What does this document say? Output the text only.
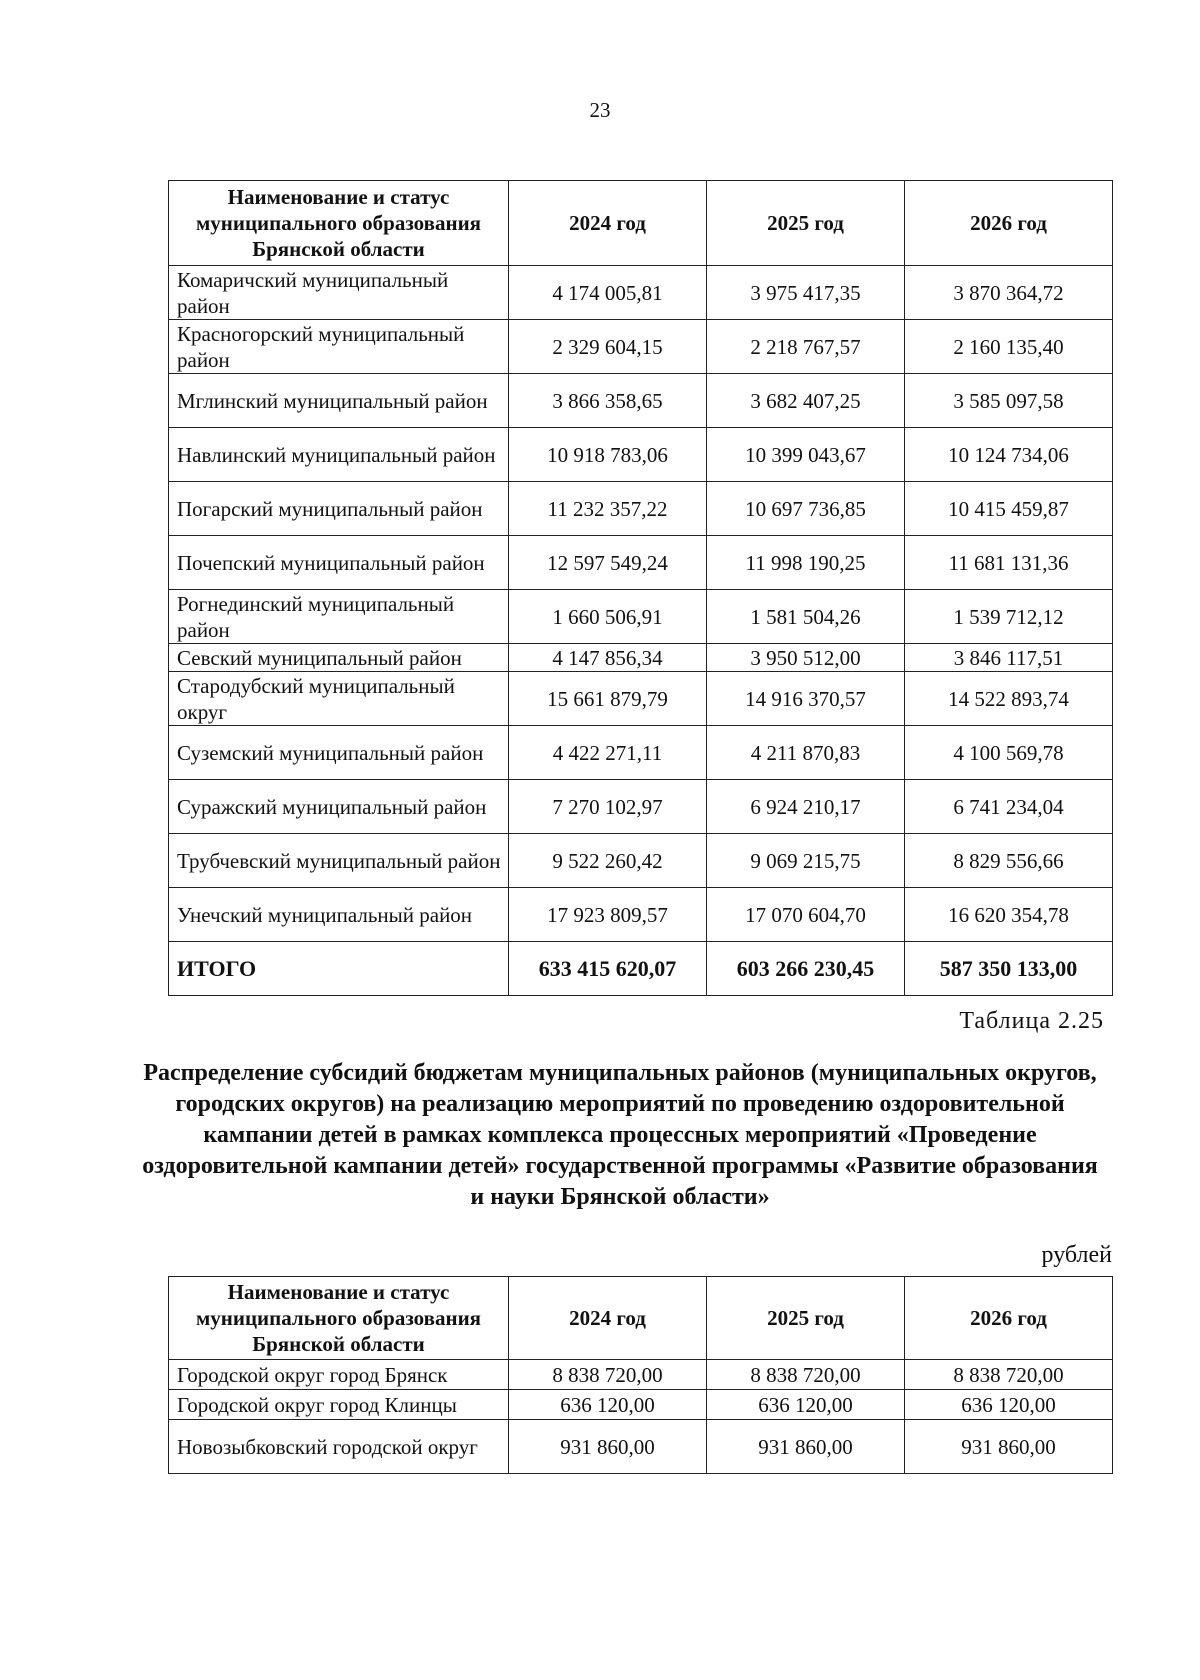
23
Наименование и статус муниципального образования Брянской области	2024 год	2025 год	2026 год
Комаричский муниципальный район	4 174 005,81	3 975 417,35	3 870 364,72
Красногорский муниципальный район	2 329 604,15	2 218 767,57	2 160 135,40
Мглинский муниципальный район	3 866 358,65	3 682 407,25	3 585 097,58
Навлинский муниципальный район	10 918 783,06	10 399 043,67	10 124 734,06
Погарский муниципальный район	11 232 357,22	10 697 736,85	10 415 459,87
Почепский муниципальный район	12 597 549,24	11 998 190,25	11 681 131,36
Рогнединский муниципальный район	1 660 506,91	1 581 504,26	1 539 712,12
Севский муниципальный район	4 147 856,34	3 950 512,00	3 846 117,51
Стародубский муниципальный округ	15 661 879,79	14 916 370,57	14 522 893,74
Суземский муниципальный район	4 422 271,11	4 211 870,83	4 100 569,78
Суражский муниципальный район	7 270 102,97	6 924 210,17	6 741 234,04
Трубчевский муниципальный район	9 522 260,42	9 069 215,75	8 829 556,66
Унечский муниципальный район	17 923 809,57	17 070 604,70	16 620 354,78
ИТОГО	633 415 620,07	603 266 230,45	587 350 133,00
Таблица 2.25
Распределение субсидий бюджетам муниципальных районов (муниципальных округов, городских округов) на реализацию мероприятий по проведению оздоровительной кампании детей в рамках комплекса процессных мероприятий «Проведение оздоровительной кампании детей» государственной программы «Развитие образования и науки Брянской области»
рублей
Наименование и статус муниципального образования Брянской области	2024 год	2025 год	2026 год
Городской округ город Брянск	8 838 720,00	8 838 720,00	8 838 720,00
Городской округ город Клинцы	636 120,00	636 120,00	636 120,00
Новозыбковский городской округ	931 860,00	931 860,00	931 860,00
